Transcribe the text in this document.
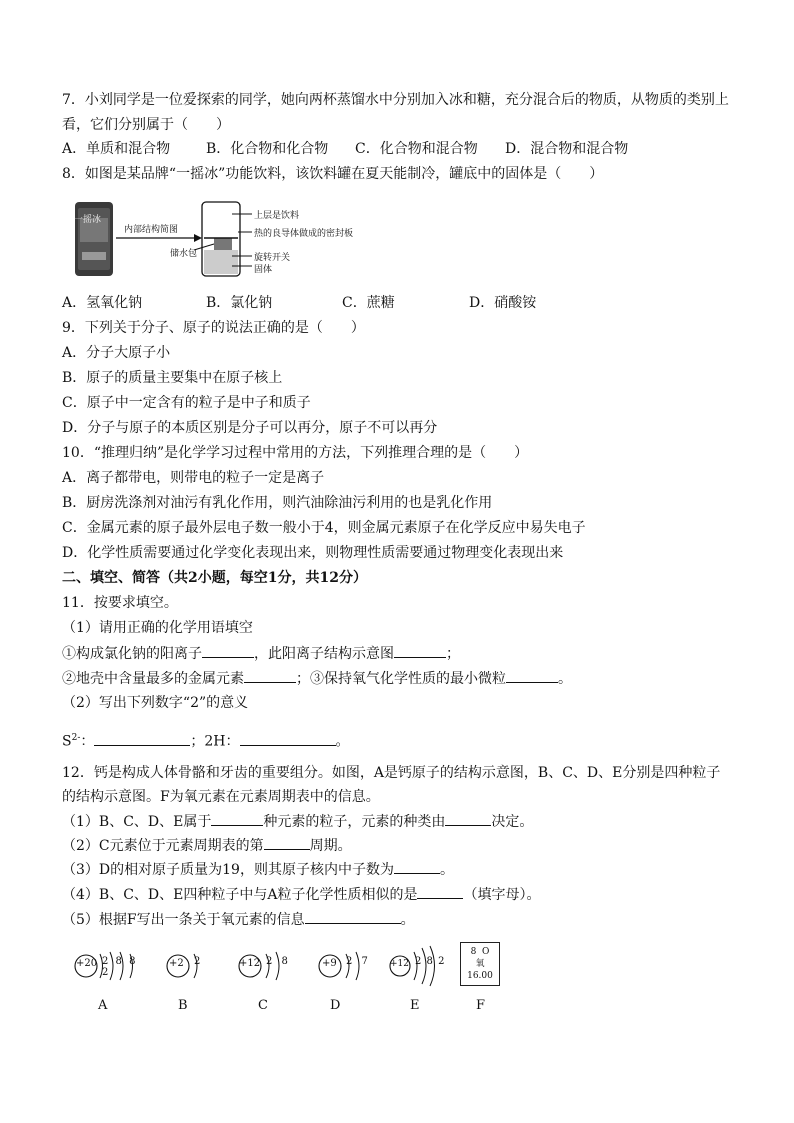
7．小刘同学是一位爱探索的同学，她向两杯蒸馏水中分别加入冰和糖，充分混合后的物质，从物质的类别上
看，它们分别属于（　　）
A．单质和混合物	B．化合物和化合物 C．化合物和混合物 D．混合物和混合物
8．如图是某品牌“一摇冰”功能饮料，该饮料罐在夏天能制冷，罐底中的固体是（　　）
一摇冰
内部结构简图
储水包
上层是饮料
热的良导体做成的密封板
旋转开关
固体
A．氢氧化钠	B．氯化钠	C．蔗糖	D．硝酸铵
9．下列关于分子、原子的说法正确的是（　　）
A．分子大原子小
B．原子的质量主要集中在原子核上
C．原子中一定含有的粒子是中子和质子
D．分子与原子的本质区别是分子可以再分，原子不可以再分
10．“推理归纳”是化学学习过程中常用的方法，下列推理合理的是（　　）
A．离子都带电，则带电的粒子一定是离子
B．厨房洗涤剂对油污有乳化作用，则汽油除油污利用的也是乳化作用
C．金属元素的原子最外层电子数一般小于4，则金属元素原子在化学反应中易失电子
D．化学性质需要通过化学变化表现出来，则物理性质需要通过物理变化表现出来
二、填空、简答（共2小题，每空1分，共12分）
11．按要求填空。
（1）请用正确的化学用语填空
①构成氯化钠的阳离子	，此阳离子结构示意图	；
②地壳中含量最多的金属元素	；③保持氧气化学性质的最小微粒	。
（2）写出下列数字“2”的意义
$S^{2-}$：	；2H：	。
12．钙是构成人体骨骼和牙齿的重要组分。如图，A是钙原子的结构示意图，B、C、D、E分别是四种粒子
的结构示意图。F为氧元素在元素周期表中的信息。
（1）B、C、D、E属于	种元素的粒子，元素的种类由	决定。
（2）C元素位于元素周期表的第	周期。
（3）D的相对原子质量为19，则其原子核内中子数为	。
（4）B、C、D、E四种粒子中与A粒子化学性质相似的是	（填字母）。
（5）根据F写出一条关于氧元素的信息	。
+20 2 8 8 2
+2 2	+12 2 8	+9 2 7 +12 2 8 2
8 O
氧
16.00
A	B	C	D	E	F
